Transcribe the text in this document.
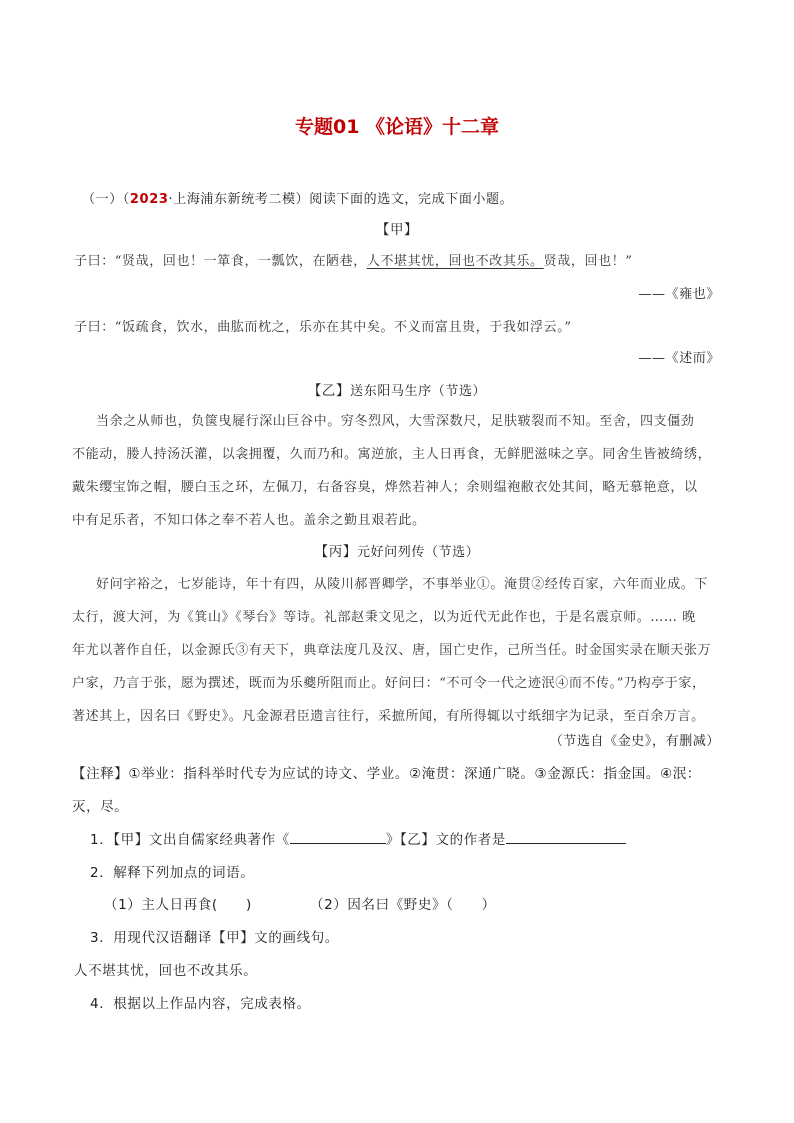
专题01 《论语》十二章
（一）（2023·上海浦东新统考二模）阅读下面的选文，完成下面小题。
【甲】
子曰：“贤哉，回也！一箪食，一瓢饮，在陋巷，人不堪其忧，回也不改其乐。贤哉，回也！”
——《雍也》
子曰：“饭疏食，饮水，曲肱而枕之，乐亦在其中矣。不义而富且贵，于我如浮云。”
——《述而》
【乙】送东阳马生序（节选）
当余之从师也，负箧曳屣行深山巨谷中。穷冬烈风，大雪深数尺，足肤皲裂而不知。至舍，四支僵劲
不能动，媵人持汤沃灌，以衾拥覆，久而乃和。寓逆旅，主人日再食，无鲜肥滋味之享。同舍生皆被绮绣，
戴朱缨宝饰之帽，腰白玉之环，左佩刀，右备容臭，烨然若神人；余则缊袍敝衣处其间，略无慕艳意，以
中有足乐者，不知口体之奉不若人也。盖余之勤且艰若此。
【丙】元好问列传（节选）
好问字裕之，七岁能诗，年十有四，从陵川郝晋卿学，不事举业①。淹贯②经传百家，六年而业成。下
太行，渡大河，为《箕山》《琴台》等诗。礼部赵秉文见之，以为近代无此作也，于是名震京师。…… 晚
年尤以著作自任，以金源氏③有天下，典章法度几及汉、唐，国亡史作，己所当任。时金国实录在顺天张万
户家，乃言于张，愿为撰述，既而为乐夔所阻而止。好问曰：“不可令一代之迹泯④而不传。”乃构亭于家，
著述其上，因名曰《野史》。凡金源君臣遗言往行，采摭所闻，有所得辄以寸纸细字为记录，至百余万言。
（节选自《金史》，有删减）
【注释】①举业：指科举时代专为应试的诗文、学业。②淹贯：深通广晓。③金源氏：指金国。④泯：
灭，尽。
1．【甲】文出自儒家经典著作《	》【乙】文的作者是
2．解释下列加点的词语。
（1）主人日再食(　　)	（2）因名曰《野史》（　　）
3．用现代汉语翻译【甲】文的画线句。
人不堪其忧，回也不改其乐。
4．根据以上作品内容，完成表格。
